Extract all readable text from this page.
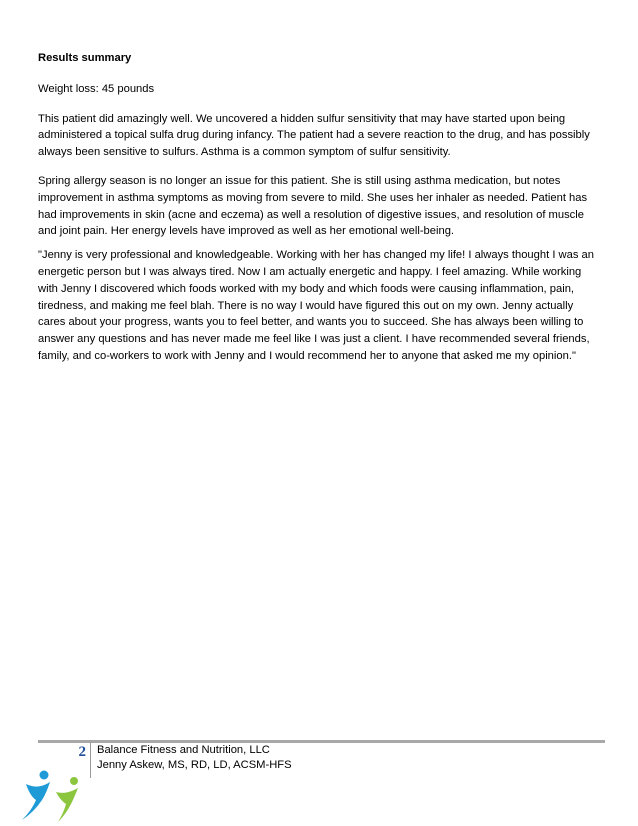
Results summary
Weight loss: 45 pounds
This patient did amazingly well. We uncovered a hidden sulfur sensitivity that may have started upon being administered a topical sulfa drug during infancy. The patient had a severe reaction to the drug, and has possibly always been sensitive to sulfurs. Asthma is a common symptom of sulfur sensitivity.
Spring allergy season is no longer an issue for this patient. She is still using asthma medication, but notes improvement in asthma symptoms as moving from severe to mild. She uses her inhaler as needed. Patient has had improvements in skin (acne and eczema) as well a resolution of digestive issues, and resolution of muscle and joint pain. Her energy levels have improved as well as her emotional well-being.
"Jenny is very professional and knowledgeable. Working with her has changed my life! I always thought I was an energetic person but I was always tired. Now I am actually energetic and happy. I feel amazing. While working with Jenny I discovered which foods worked with my body and which foods were causing inflammation, pain, tiredness, and making me feel blah. There is no way I would have figured this out on my own. Jenny actually cares about your progress, wants you to feel better, and wants you to succeed. She has always been willing to answer any questions and has never made me feel like I was just a client. I have recommended several friends, family, and co-workers to work with Jenny and I would recommend her to anyone that asked me my opinion."
2 Balance Fitness and Nutrition, LLC
Jenny Askew, MS, RD, LD, ACSM-HFS
